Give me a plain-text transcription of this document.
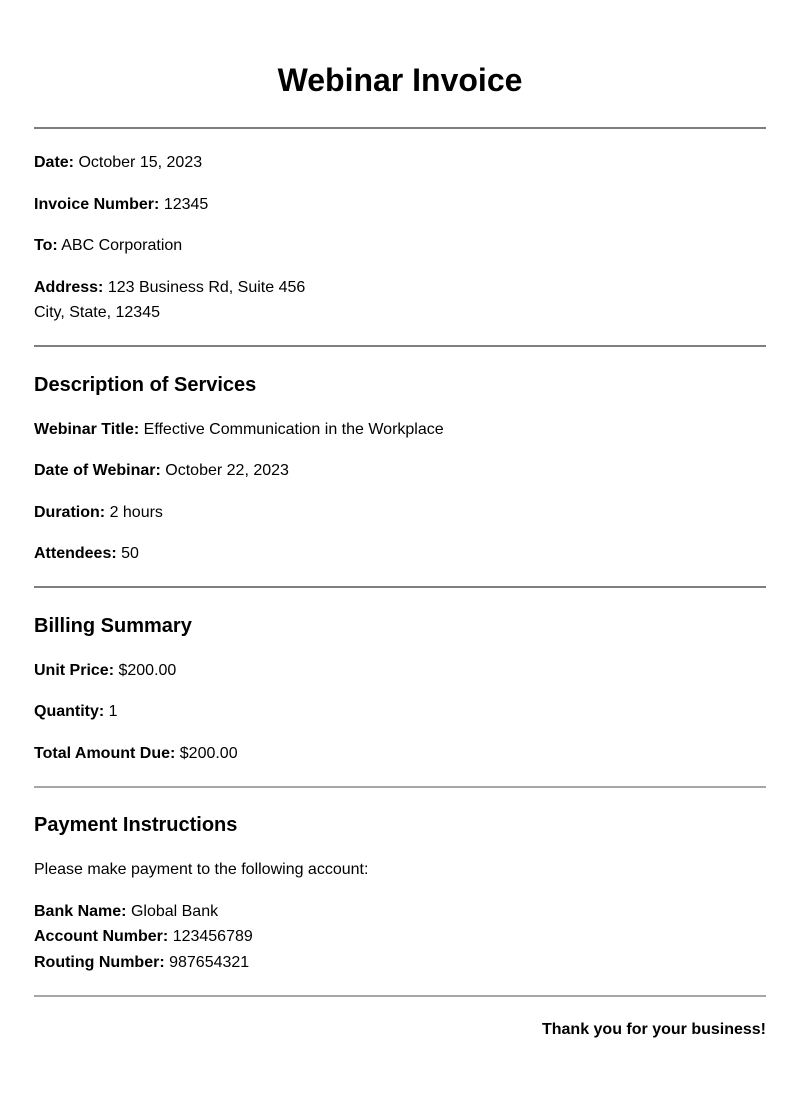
Webinar Invoice
Date: October 15, 2023
Invoice Number: 12345
To: ABC Corporation
Address: 123 Business Rd, Suite 456
City, State, 12345
Description of Services
Webinar Title: Effective Communication in the Workplace
Date of Webinar: October 22, 2023
Duration: 2 hours
Attendees: 50
Billing Summary
Unit Price: $200.00
Quantity: 1
Total Amount Due: $200.00
Payment Instructions
Please make payment to the following account:
Bank Name: Global Bank
Account Number: 123456789
Routing Number: 987654321
Thank you for your business!
